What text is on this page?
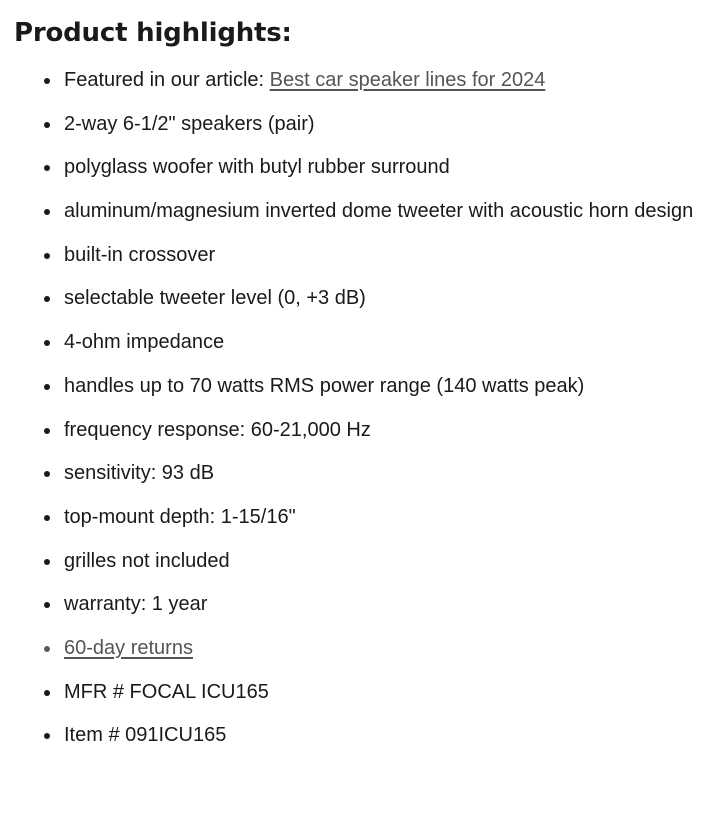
Product highlights:
Featured in our article: Best car speaker lines for 2024
2-way 6-1/2" speakers (pair)
polyglass woofer with butyl rubber surround
aluminum/magnesium inverted dome tweeter with acoustic horn design
built-in crossover
selectable tweeter level (0, +3 dB)
4-ohm impedance
handles up to 70 watts RMS power range (140 watts peak)
frequency response: 60-21,000 Hz
sensitivity: 93 dB
top-mount depth: 1-15/16"
grilles not included
warranty: 1 year
60-day returns
MFR # FOCAL ICU165
Item # 091ICU165
